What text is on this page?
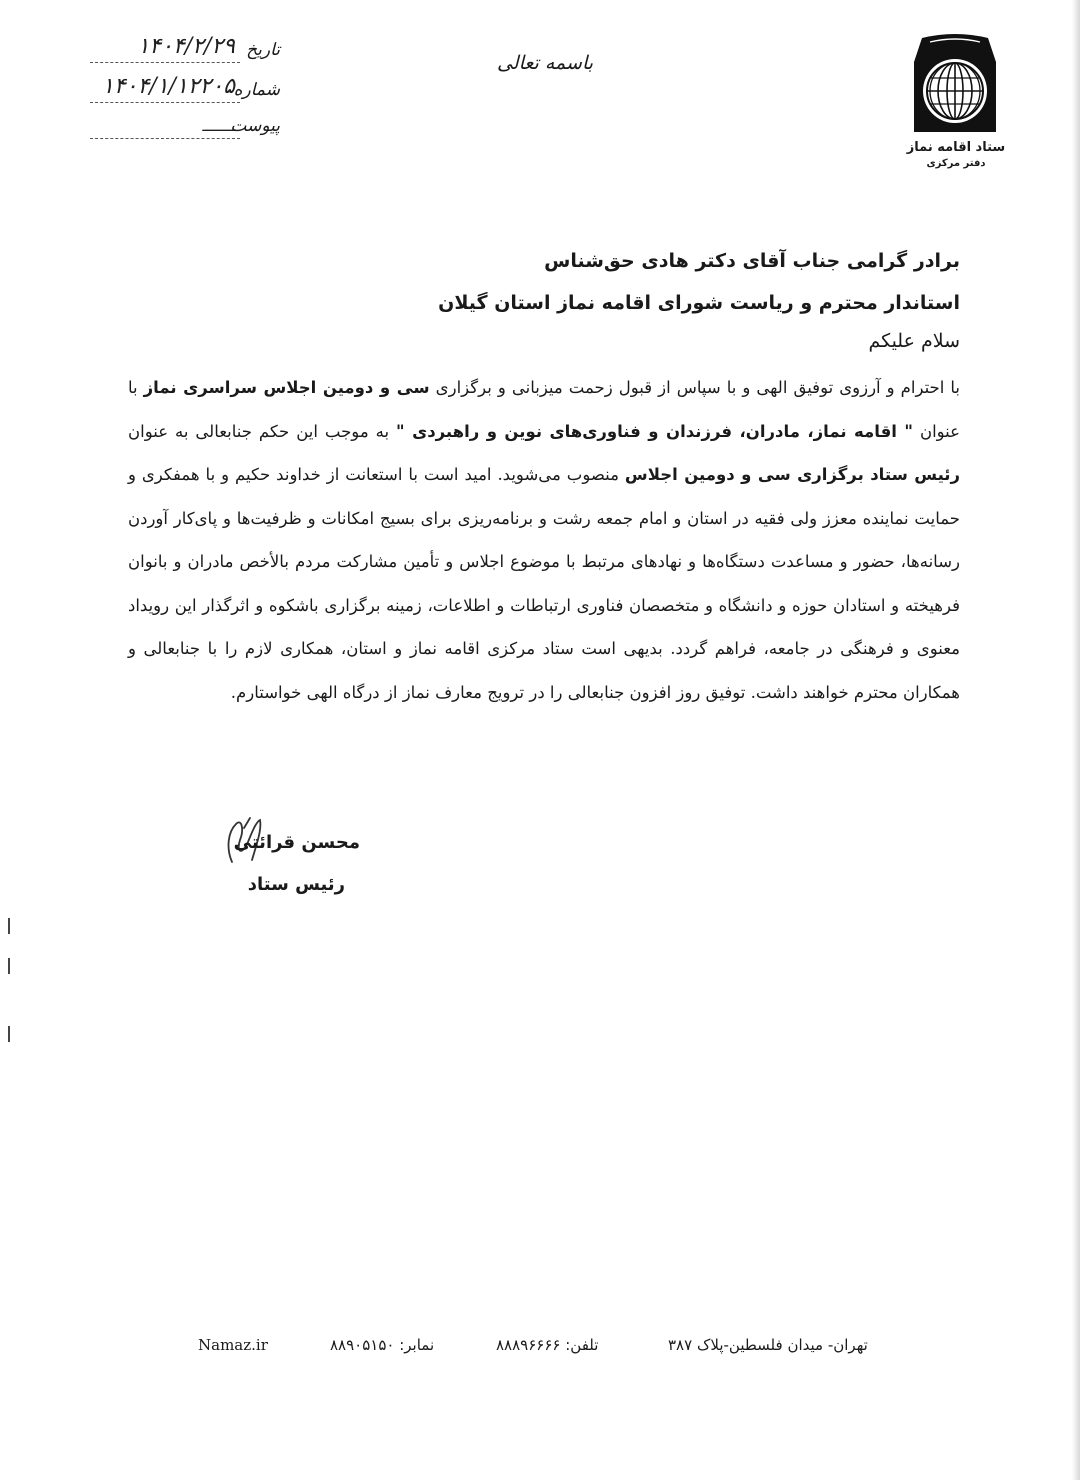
ستاد اقامه نماز
دفتر مرکزی
باسمه تعالی
تاریخ
۱۴۰۴/۲/۲۹
شماره
۱۴۰۴/۱/۱۲۲۰۵
پیوست
ـــــــ
برادر گرامی جناب آقای دکتر هادی حق‌شناس
استاندار محترم و ریاست شورای اقامه نماز استان گیلان
سلام علیکم
با احترام و آرزوی توفیق الهی و با سپاس از قبول زحمت میزبانی و برگزاری سی و دومین اجلاس سراسری نماز با عنوان " اقامه نماز، مادران، فرزندان و فناوری‌های نوین و راهبردی " به موجب این حکم جنابعالی به عنوان رئیس ستاد برگزاری سی و دومین اجلاس منصوب می‌شوید. امید است با استعانت از خداوند حکیم و با همفکری و حمایت نماینده معزز ولی فقیه در استان و امام جمعه رشت و برنامه‌ریزی برای بسیج امکانات و ظرفیت‌ها و پای‌کار آوردن رسانه‌ها، حضور و مساعدت دستگاه‌ها و نهادهای مرتبط با موضوع اجلاس و تأمین مشارکت مردم بالأخص مادران و بانوان فرهیخته و استادان حوزه و دانشگاه و متخصصان فناوری ارتباطات و اطلاعات، زمینه برگزاری باشکوه و اثرگذار این رویداد معنوی و فرهنگی در جامعه، فراهم گردد. بدیهی است ستاد مرکزی اقامه نماز و استان، همکاری لازم را با جنابعالی و همکاران محترم خواهند داشت. توفیق روز افزون جنابعالی را در ترویج معارف نماز از درگاه الهی خواستارم.
محسن قرائتی
رئیس ستاد
تهران- میدان فلسطین-پلاک ۳۸۷
تلفن: ۸۸۸۹۶۶۶۶
نمابر: ۸۸۹۰۵۱۵۰
Namaz.ir
